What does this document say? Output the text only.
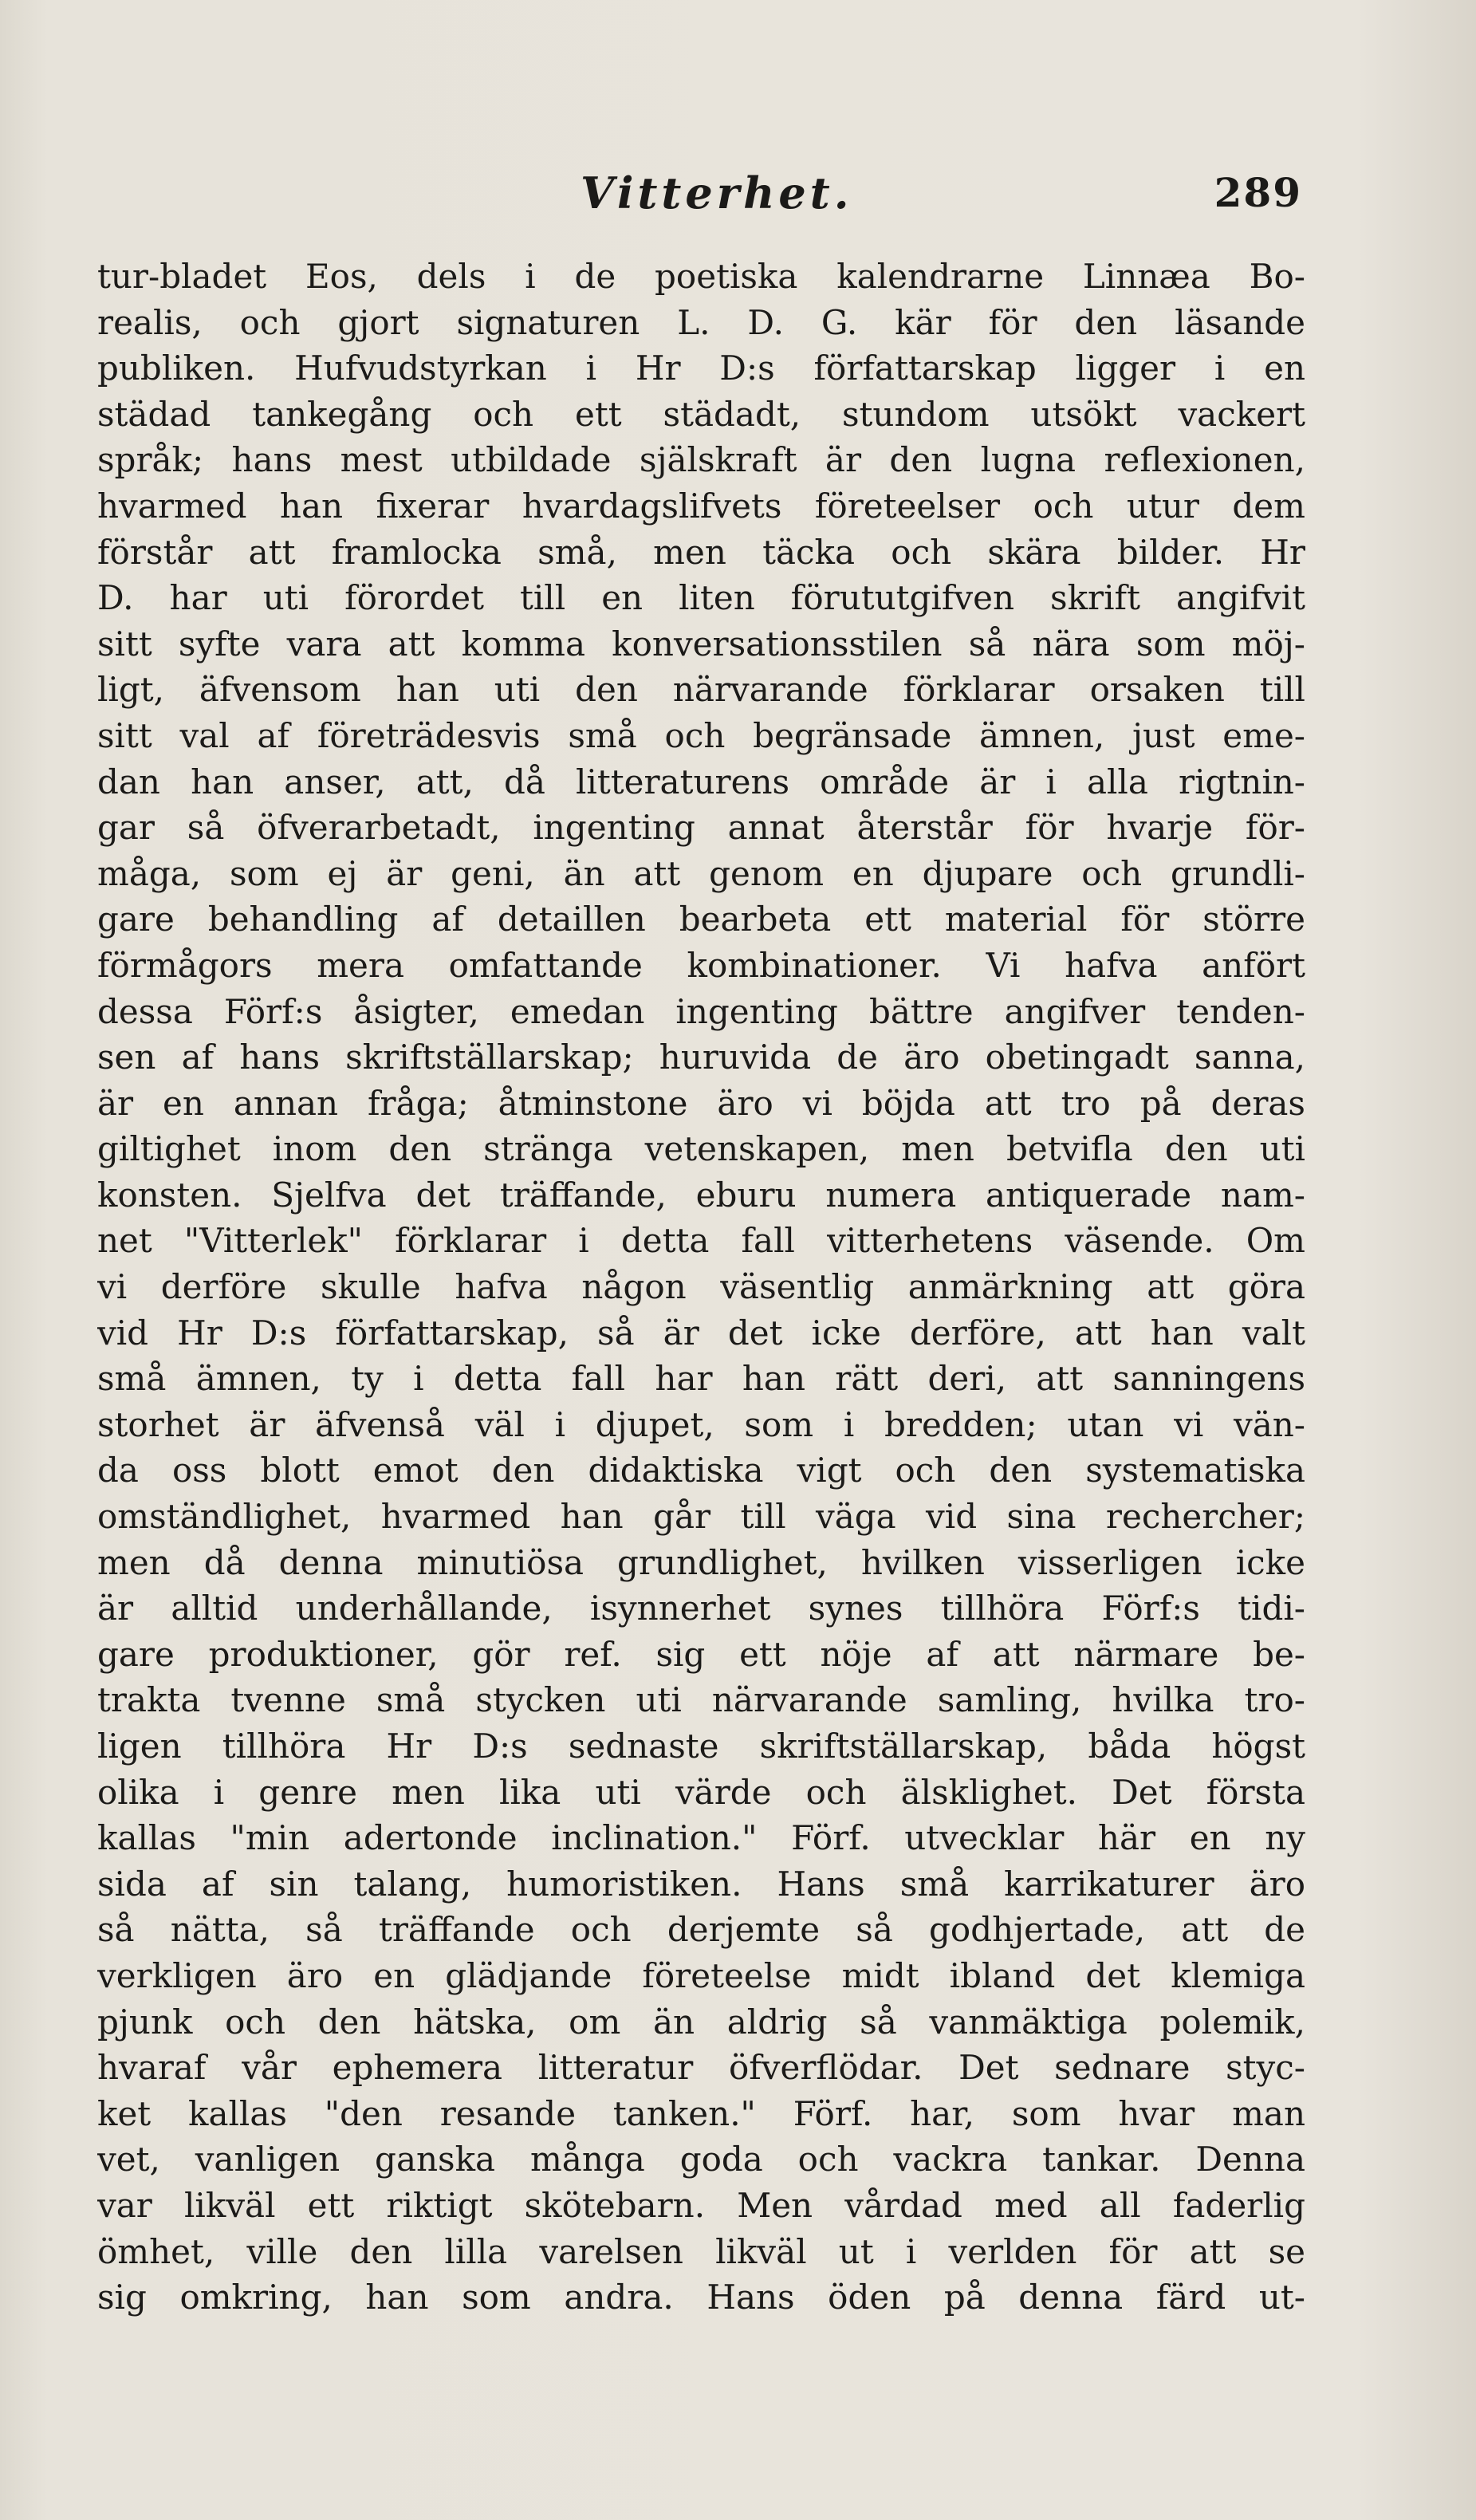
Vitterhet.	289
tur-bladet Eos, dels i de poetiska kalendrarne Linnæa Bo-
realis, och gjort signaturen L. D. G. kär för den läsande
publiken. Hufvudstyrkan i Hr D:s författarskap ligger i en
städad tankegång och ett städadt, stundom utsökt vackert
språk; hans mest utbildade själskraft är den lugna reflexionen,
hvarmed han fixerar hvardagslifvets företeelser och utur dem
förstår att framlocka små, men täcka och skära bilder. Hr
D. har uti förordet till en liten förututgifven skrift angifvit
sitt syfte vara att komma konversationsstilen så nära som möj-
ligt, äfvensom han uti den närvarande förklarar orsaken till
sitt val af företrädesvis små och begränsade ämnen, just eme-
dan han anser, att, då litteraturens område är i alla rigtnin-
gar så öfverarbetadt, ingenting annat återstår för hvarje för-
måga, som ej är geni, än att genom en djupare och grundli-
gare behandling af detaillen bearbeta ett material för större
förmågors mera omfattande kombinationer. Vi hafva anfört
dessa Förf:s åsigter, emedan ingenting bättre angifver tenden-
sen af hans skriftställarskap; huruvida de äro obetingadt sanna,
är en annan fråga; åtminstone äro vi böjda att tro på deras
giltighet inom den stränga vetenskapen, men betvifla den uti
konsten. Sjelfva det träffande, eburu numera antiquerade nam-
net "Vitterlek" förklarar i detta fall vitterhetens väsende. Om
vi derföre skulle hafva någon väsentlig anmärkning att göra
vid Hr D:s författarskap, så är det icke derföre, att han valt
små ämnen, ty i detta fall har han rätt deri, att sanningens
storhet är äfvenså väl i djupet, som i bredden; utan vi vän-
da oss blott emot den didaktiska vigt och den systematiska
omständlighet, hvarmed han går till väga vid sina rechercher;
men då denna minutiösa grundlighet, hvilken visserligen icke
är alltid underhållande, isynnerhet synes tillhöra Förf:s tidi-
gare produktioner, gör ref. sig ett nöje af att närmare be-
trakta tvenne små stycken uti närvarande samling, hvilka tro-
ligen tillhöra Hr D:s sednaste skriftställarskap, båda högst
olika i genre men lika uti värde och älsklighet. Det första
kallas "min adertonde inclination." Förf. utvecklar här en ny
sida af sin talang, humoristiken. Hans små karrikaturer äro
så nätta, så träffande och derjemte så godhjertade, att de
verkligen äro en glädjande företeelse midt ibland det klemiga
pjunk och den hätska, om än aldrig så vanmäktiga polemik,
hvaraf vår ephemera litteratur öfverflödar. Det sednare styc-
ket kallas "den resande tanken." Förf. har, som hvar man
vet, vanligen ganska många goda och vackra tankar. Denna
var likväl ett riktigt skötebarn. Men vårdad med all faderlig
ömhet, ville den lilla varelsen likväl ut i verlden för att se
sig omkring, han som andra. Hans öden på denna färd ut-
